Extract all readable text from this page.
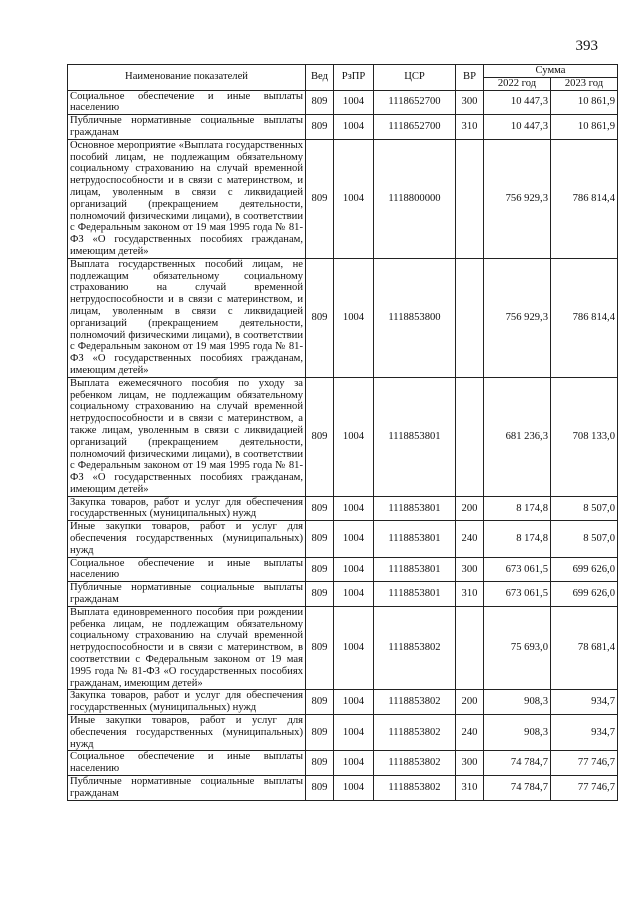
393
Наименование показателей	Вед	РзПР	ЦСР	ВР	Сумма	
					2022 год	2023 год
Социальное обеспечение и иные выплаты населению	809	1004	1118652700	300	10 447,3	10 861,9
Публичные нормативные социальные выплаты гражданам	809	1004	1118652700	310	10 447,3	10 861,9
Основное мероприятие «Выплата государственных пособий лицам, не подлежащим обязательному социальному страхованию на случай временной нетрудоспособности и в связи с материнством, и лицам, уволенным в связи с ликвидацией организаций (прекращением деятельности, полномочий физическими лицами), в соответствии с Федеральным законом от 19 мая 1995 года № 81-ФЗ «О государственных пособиях гражданам, имеющим детей»	809	1004	1118800000		756 929,3	786 814,4
Выплата государственных пособий лицам, не подлежащим обязательному социальному страхованию на случай временной нетрудоспособности и в связи с материнством, и лицам, уволенным в связи с ликвидацией организаций (прекращением деятельности, полномочий физическими лицами), в соответствии с Федеральным законом от 19 мая 1995 года № 81-ФЗ «О государственных пособиях гражданам, имеющим детей»	809	1004	1118853800		756 929,3	786 814,4
Выплата ежемесячного пособия по уходу за ребенком лицам, не подлежащим обязательному социальному страхованию на случай временной нетрудоспособности и в связи с материнством, а также лицам, уволенным в связи с ликвидацией организаций (прекращением деятельности, полномочий физическими лицами), в соответствии с Федеральным законом от 19 мая 1995 года № 81-ФЗ «О государственных пособиях гражданам, имеющим детей»	809	1004	1118853801		681 236,3	708 133,0
Закупка товаров, работ и услуг для обеспечения государственных (муниципальных) нужд	809	1004	1118853801	200	8 174,8	8 507,0
Иные закупки товаров, работ и услуг для обеспечения государственных (муниципальных) нужд	809	1004	1118853801	240	8 174,8	8 507,0
Социальное обеспечение и иные выплаты населению	809	1004	1118853801	300	673 061,5	699 626,0
Публичные нормативные социальные выплаты гражданам	809	1004	1118853801	310	673 061,5	699 626,0
Выплата единовременного пособия при рождении ребенка лицам, не подлежащим обязательному социальному страхованию на случай временной нетрудоспособности и в связи с материнством, в соответствии с Федеральным законом от 19 мая 1995 года № 81-ФЗ «О государственных пособиях гражданам, имеющим детей»	809	1004	1118853802		75 693,0	78 681,4
Закупка товаров, работ и услуг для обеспечения государственных (муниципальных) нужд	809	1004	1118853802	200	908,3	934,7
Иные закупки товаров, работ и услуг для обеспечения государственных (муниципальных) нужд	809	1004	1118853802	240	908,3	934,7
Социальное обеспечение и иные выплаты населению	809	1004	1118853802	300	74 784,7	77 746,7
Публичные нормативные социальные выплаты гражданам	809	1004	1118853802	310	74 784,7	77 746,7
